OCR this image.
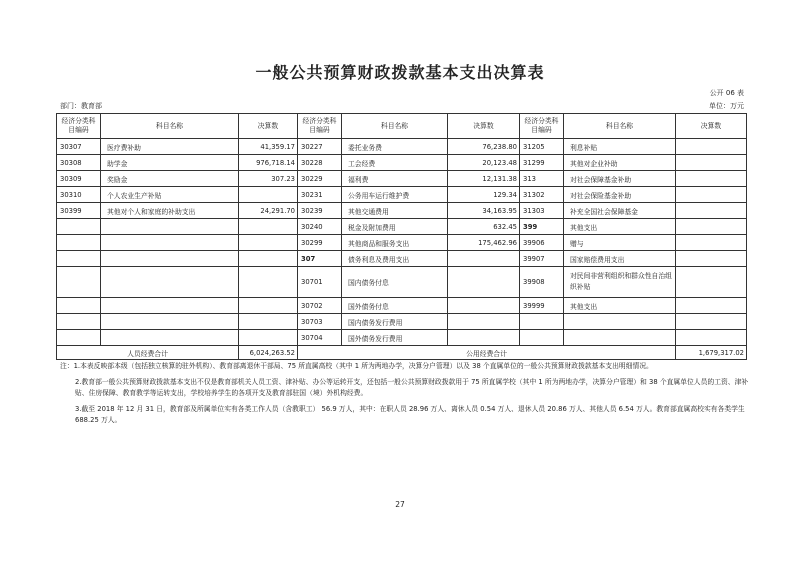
一般公共预算财政拨款基本支出决算表
公开 06 表
部门：教育部	单位：万元
经济分类科目编码	科目名称	决算数	经济分类科目编码	科目名称	决算数	经济分类科目编码	科目名称	决算数
30307	医疗费补助	41,359.17	30227	委托业务费	76,238.80	31205	利息补贴	
30308	助学金	976,718.14	30228	工会经费	20,123.48	31299	其他对企业补助	
30309	奖励金	307.23	30229	福利费	12,131.38	313	对社会保障基金补助	
30310	个人农业生产补贴		30231	公务用车运行维护费	129.34	31302	对社会保险基金补助	
30399	其他对个人和家庭的补助支出	24,291.70	30239	其他交通费用	34,163.95	31303	补充全国社会保障基金	
			30240	税金及附加费用	632.45	399	其他支出	
			30299	其他商品和服务支出	175,462.96	39906	赠与	
			307	债务利息及费用支出		39907	国家赔偿费用支出	
			30701	国内债务付息		39908	对民间非营利组织和群众性自治组织补贴	
			30702	国外债务付息		39999	其他支出	
			30703	国内债务发行费用				
			30704	国外债务发行费用				
人员经费合计		6,024,263.52	公用经费合计					1,679,317.02

注：1.本表反映部本级（包括独立核算的驻外机构）、教育部离退休干部局、75 所直属高校（其中 1 所为两地办学，决算分户管理）以及 38 个直属单位的一般公共预算财政拨款基本支出明细情况。

2.教育部一般公共预算财政拨款基本支出不仅是教育部机关人员工资、津补贴、办公等运转开支，还包括一般公共预算财政拨款用于 75 所直属学校（其中 1 所为两地办学，决算分户管理）和 38 个直属单位人员的工资、津补贴、住房保障、教育教学等运转支出，学校培养学生的各项开支及教育部驻国（境）外机构经费。

3.截至 2018 年 12 月 31 日，教育部及所属单位实有各类工作人员（含教职工） 56.9 万人，其中：在职人员 28.96 万人、离休人员 0.54 万人、退休人员 20.86 万人、其他人员 6.54 万人。教育部直属高校实有各类学生 688.25 万人。

27
